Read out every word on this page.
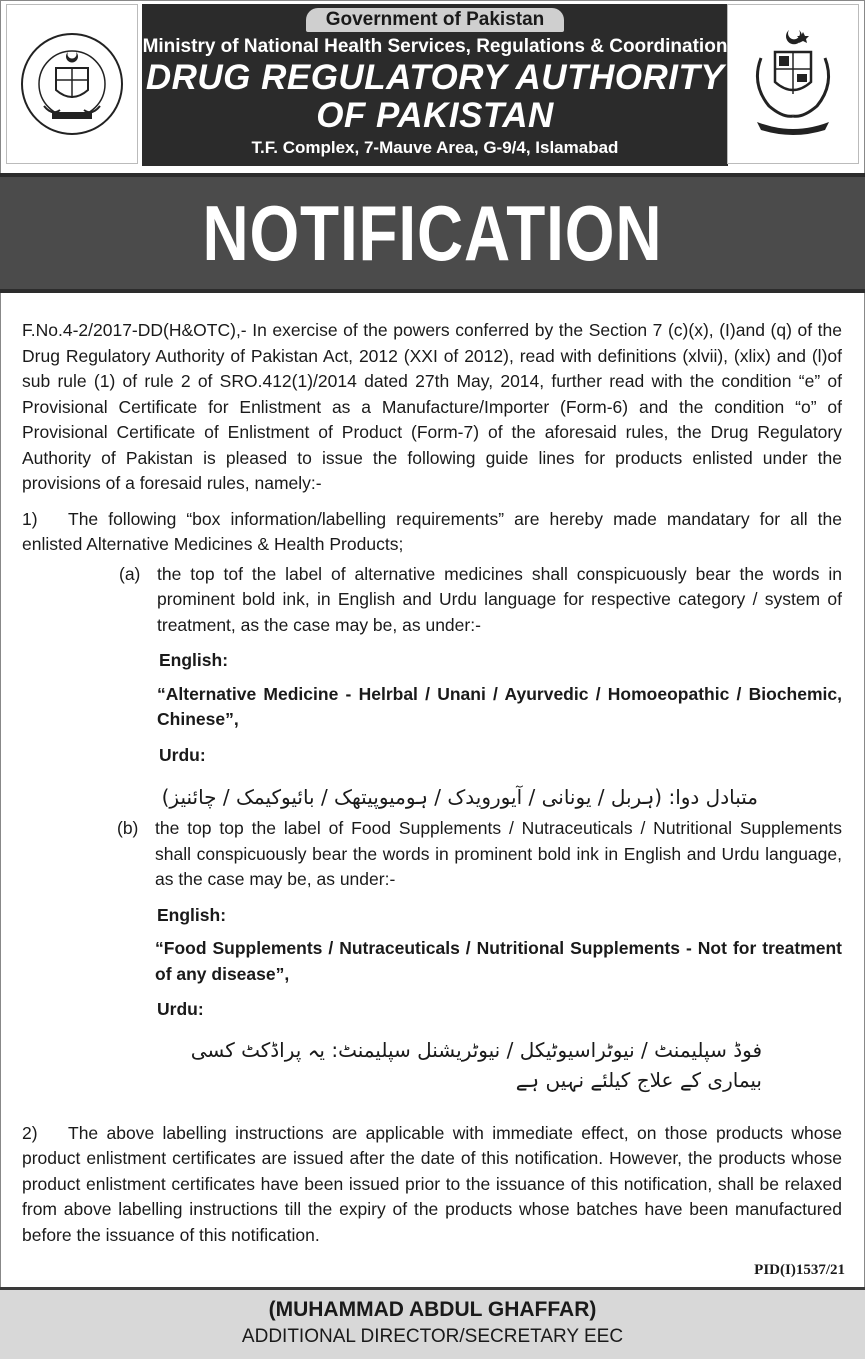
Government of Pakistan
Ministry of National Health Services, Regulations & Coordination
DRUG REGULATORY AUTHORITY
OF PAKISTAN
T.F. Complex, 7-Mauve Area, G-9/4, Islamabad
NOTIFICATION

F.No.4-2/2017-DD(H&OTC),- In exercise of the powers conferred by the Section 7 (c)(x), (I)and (q) of the Drug Regulatory Authority of Pakistan Act, 2012 (XXI of 2012), read with definitions (xlvii), (xlix) and (l)of sub rule (1) of rule 2 of SRO.412(1)/2014 dated 27th May, 2014, further read with the condition “e” of Provisional Certificate for Enlistment as a Manufacture/Importer (Form-6) and the condition “o” of Provisional Certificate of Enlistment of Product (Form-7) of the aforesaid rules, the Drug Regulatory Authority of Pakistan is pleased to issue the following guide lines for products enlisted under the provisions of a foresaid rules, namely:-

1) The following “box information/labelling requirements” are hereby made mandatary for all the enlisted Alternative Medicines & Health Products;

(a) the top tof the label of alternative medicines shall conspicuously bear the words in prominent bold ink, in English and Urdu language for respective category / system of treatment, as the case may be, as under:-
English:
“Alternative Medicine - Helrbal / Unani / Ayurvedic / Homoeopathic / Biochemic, Chinese”,
Urdu:
متبادل دوا: (ہربل / یونانی / آیورویدک / ہومیوپیتھک / بائیوکیمک / چائنیز)
(b) the top top the label of Food Supplements / Nutraceuticals / Nutritional Supplements shall conspicuously bear the words in prominent bold ink in English and Urdu language, as the case may be, as under:-
English:
“Food Supplements / Nutraceuticals / Nutritional Supplements - Not for treatment of any disease”,
Urdu:
فوڈ سپلیمنٹ / نیوٹراسیوٹیکل / نیوٹریشنل سپلیمنٹ: یہ پراڈکٹ کسی بیماری کے علاج کیلئے نہیں ہے

2) The above labelling instructions are applicable with immediate effect, on those products whose product enlistment certificates are issued after the date of this notification. However, the products whose product enlistment certificates have been issued prior to the issuance of this notification, shall be relaxed from above labelling instructions till the expiry of the products whose batches have been manufactured before the issuance of this notification.

PID(I)1537/21
(MUHAMMAD ABDUL GHAFFAR)
ADDITIONAL DIRECTOR/SECRETARY EEC
